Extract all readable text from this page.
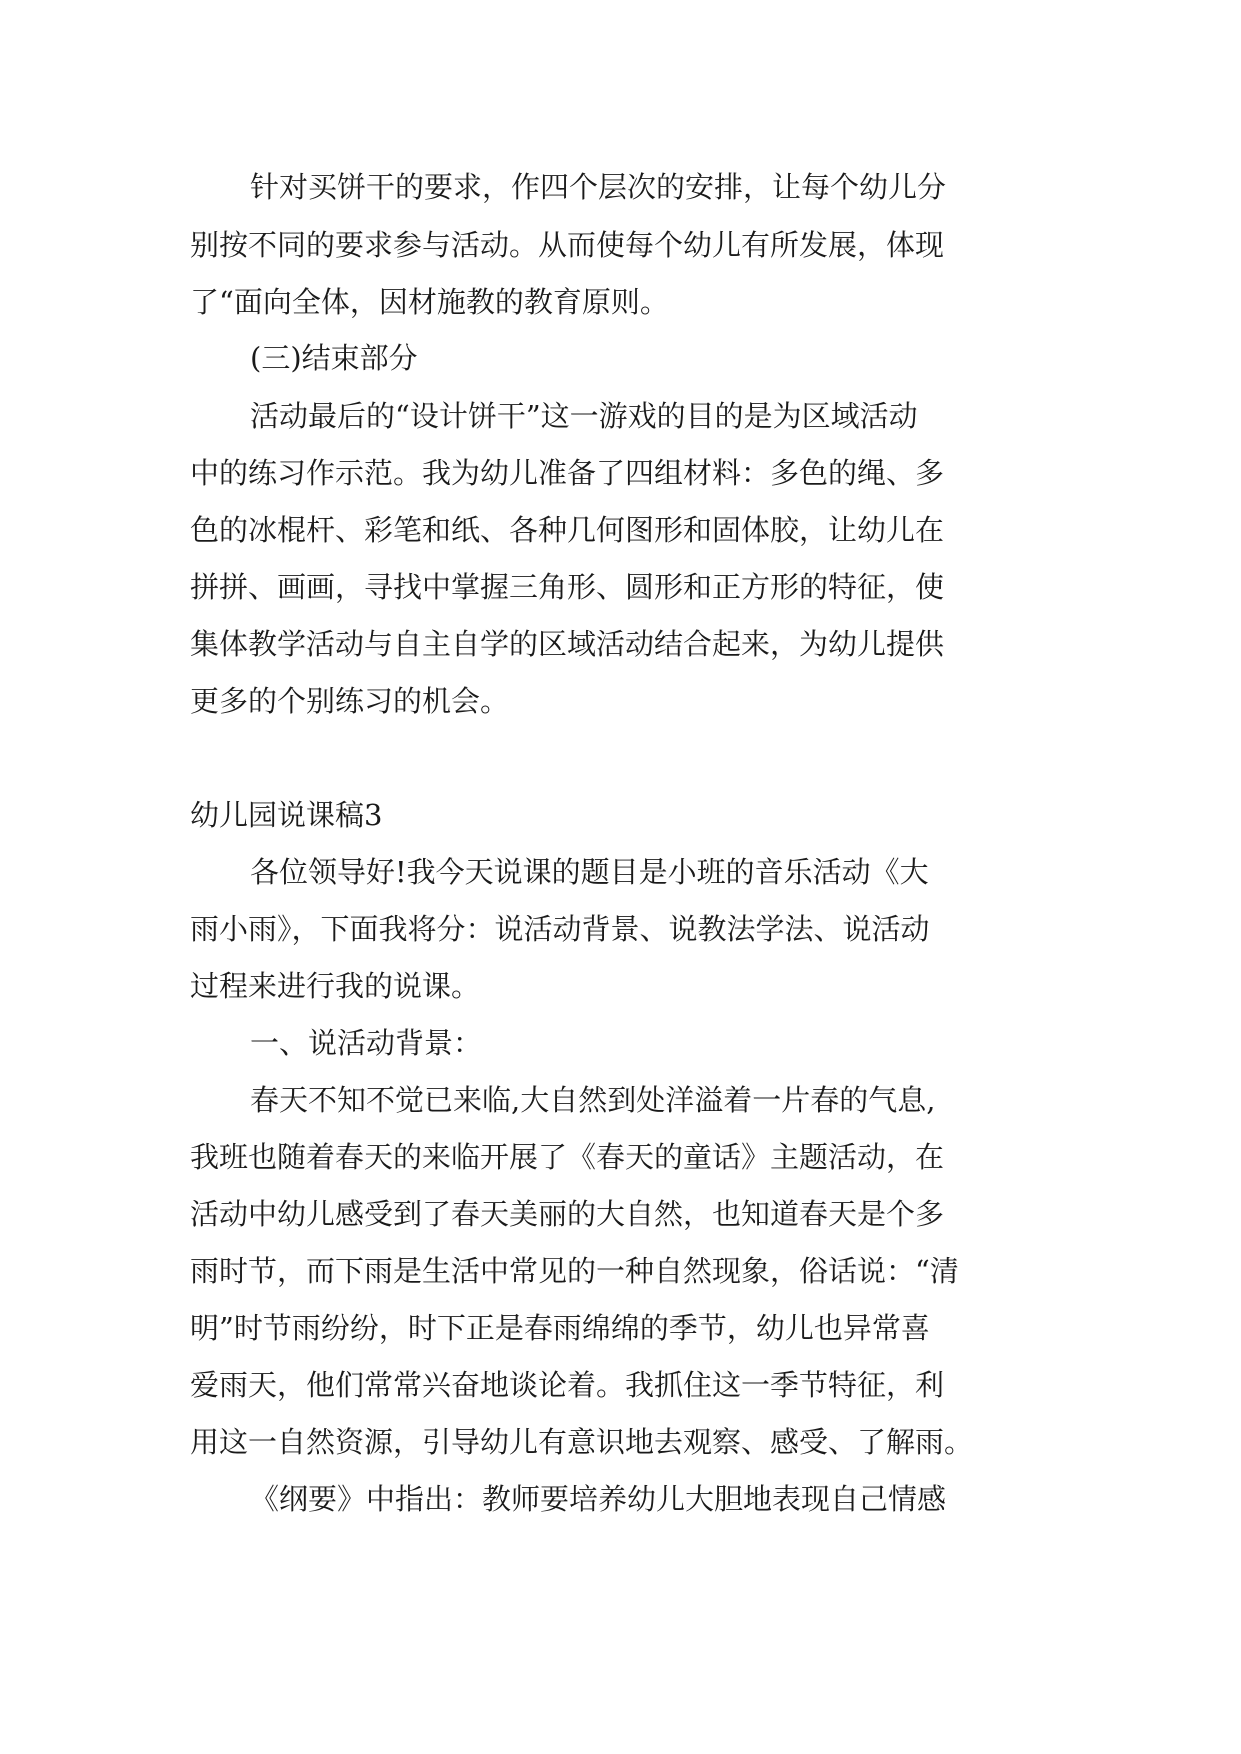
针对买饼干的要求，作四个层次的安排，让每个幼儿分
别按不同的要求参与活动。从而使每个幼儿有所发展，体现
了“面向全体，因材施教的教育原则。
(三)结束部分
活动最后的“设计饼干”这一游戏的目的是为区域活动
中的练习作示范。我为幼儿准备了四组材料：多色的绳、多
色的冰棍杆、彩笔和纸、各种几何图形和固体胶，让幼儿在
拼拼、画画，寻找中掌握三角形、圆形和正方形的特征，使
集体教学活动与自主自学的区域活动结合起来，为幼儿提供
更多的个别练习的机会。
幼儿园说课稿3
各位领导好!我今天说课的题目是小班的音乐活动《大
雨小雨》，下面我将分：说活动背景、说教法学法、说活动
过程来进行我的说课。
一、说活动背景：
春天不知不觉已来临,大自然到处洋溢着一片春的气息,
我班也随着春天的来临开展了《春天的童话》主题活动，在
活动中幼儿感受到了春天美丽的大自然，也知道春天是个多
雨时节，而下雨是生活中常见的一种自然现象，俗话说：“清
明”时节雨纷纷，时下正是春雨绵绵的季节，幼儿也异常喜
爱雨天，他们常常兴奋地谈论着。我抓住这一季节特征，利
用这一自然资源，引导幼儿有意识地去观察、感受、了解雨。
《纲要》中指出：教师要培养幼儿大胆地表现自己情感
